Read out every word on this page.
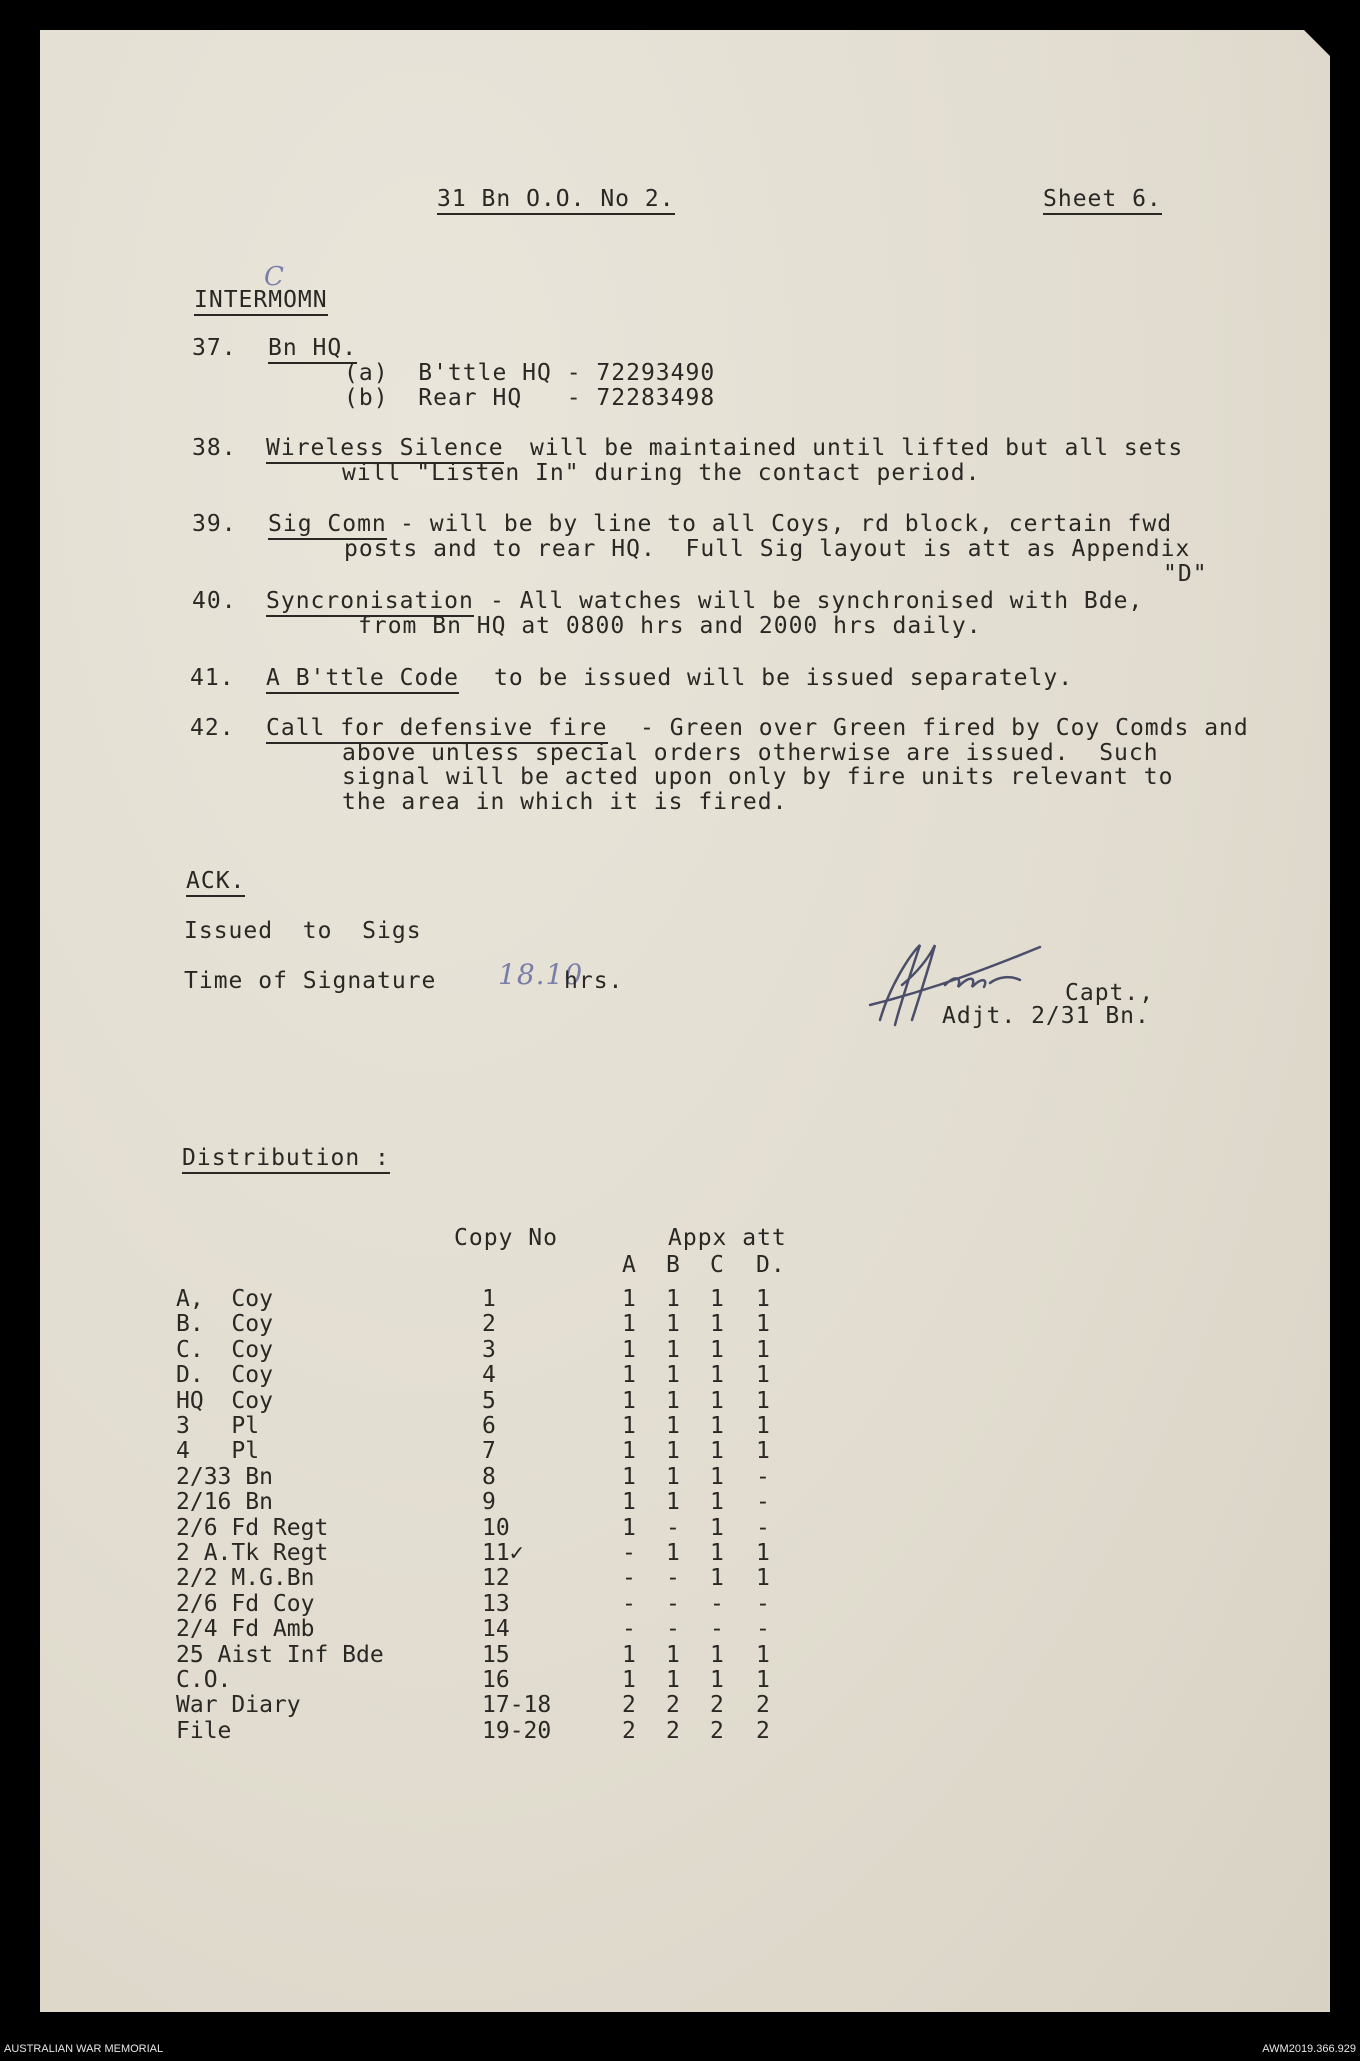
31 Bn O.O. No 2.	Sheet 6.
C
INTERMOMN
37. Bn HQ.
(a)  B'ttle HQ - 72293490
(b)  Rear HQ   - 72283498
38. Wireless Silence will be maintained until lifted but all sets
will "Listen In" during the contact period.
39. Sig Comn - will be by line to all Coys, rd block, certain fwd
posts and to rear HQ.  Full Sig layout is att as Appendix
"D"
40. Syncronisation - All watches will be synchronised with Bde,
from Bn HQ at 0800 hrs and 2000 hrs daily.
41. A B'ttle Code to be issued will be issued separately.
42. Call for defensive fire - Green over Green fired by Coy Comds and
above unless special orders otherwise are issued.  Such
signal will be acted upon only by fire units relevant to
the area in which it is fired.
ACK.
Issued  to  Sigs
Time of Signature 18.10
hrs.	Capt.,
Adjt. 2/31 Bn.
Distribution :
Copy No	Appx att
A B C D.
A,  Coy	1	1 1 1 1
B.  Coy	2	1 1 1 1
C.  Coy	3	1 1 1 1
D.  Coy	4	1 1 1 1
HQ  Coy	5	1 1 1 1
3   Pl	6	1 1 1 1
4   Pl	7	1 1 1 1
2/33 Bn	8	1 1 1 -
2/16 Bn	9	1 1 1 -
2/6 Fd Regt	10	1 - 1 -
2 A.Tk Regt	11✓	- 1 1 1
2/2 M.G.Bn	12	- - 1 1
2/6 Fd Coy	13	- - - -
2/4 Fd Amb	14	- - - -
25 Aist Inf Bde	15	1 1 1 1
C.O.	16	1 1 1 1
War Diary	17-18	2 2 2 2
File	19-20	2 2 2 2
AUSTRALIAN WAR MEMORIAL	AWM2019.366.929
